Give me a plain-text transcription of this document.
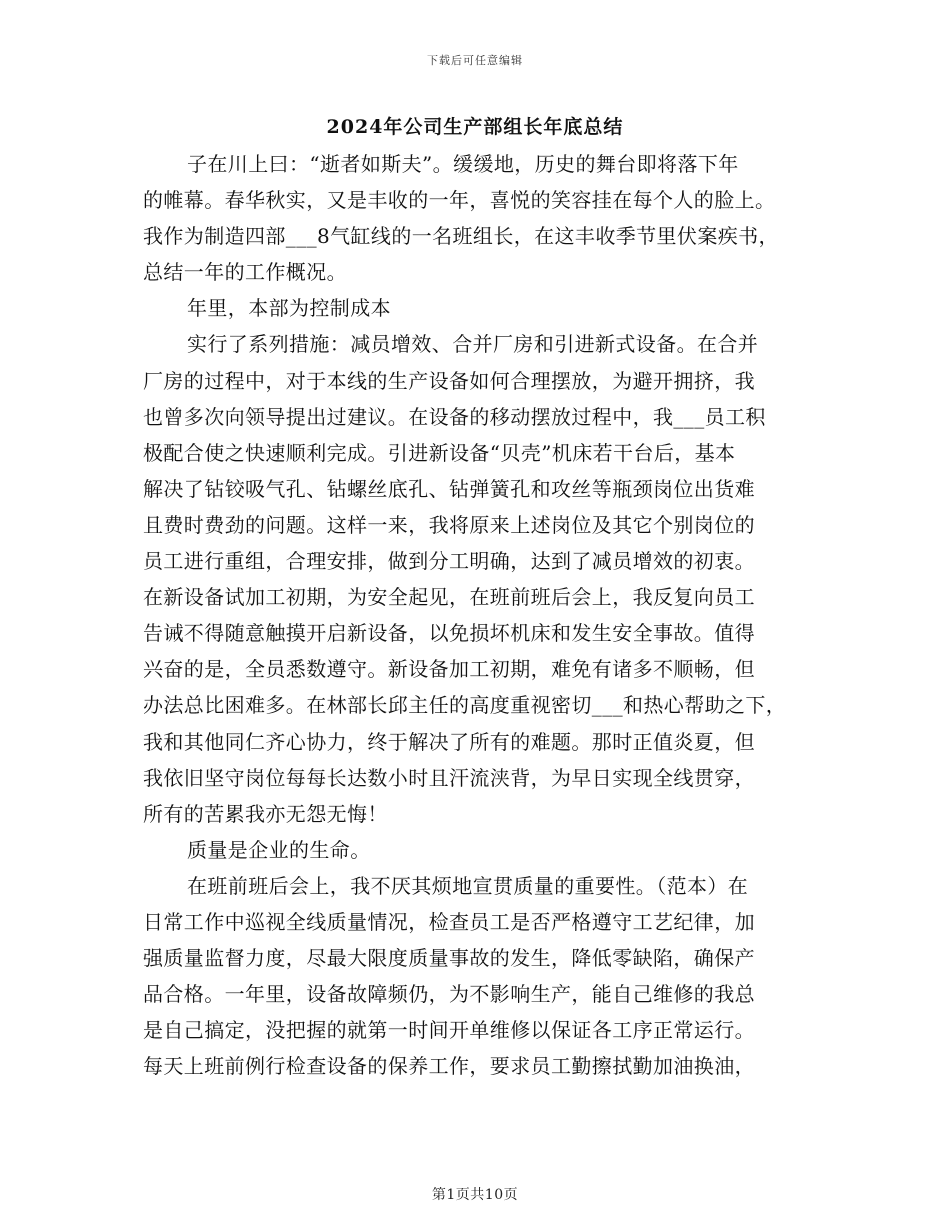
下载后可任意编辑
2024年公司生产部组长年底总结
子在川上曰：“逝者如斯夫”。缓缓地，历史的舞台即将落下年
的帷幕。春华秋实，又是丰收的一年，喜悦的笑容挂在每个人的脸上。
我作为制造四部___8气缸线的一名班组长，在这丰收季节里伏案疾书，
总结一年的工作概况。
年里，本部为控制成本
实行了系列措施：减员增效、合并厂房和引进新式设备。在合并
厂房的过程中，对于本线的生产设备如何合理摆放，为避开拥挤，我
也曾多次向领导提出过建议。在设备的移动摆放过程中，我___员工积
极配合使之快速顺利完成。引进新设备“贝壳”机床若干台后，基本
解决了钻铰吸气孔、钻螺丝底孔、钻弹簧孔和攻丝等瓶颈岗位出货难
且费时费劲的问题。这样一来，我将原来上述岗位及其它个别岗位的
员工进行重组，合理安排，做到分工明确，达到了减员增效的初衷。
在新设备试加工初期，为安全起见，在班前班后会上，我反复向员工
告诫不得随意触摸开启新设备，以免损坏机床和发生安全事故。值得
兴奋的是，全员悉数遵守。新设备加工初期，难免有诸多不顺畅，但
办法总比困难多。在林部长邱主任的高度重视密切___和热心帮助之下，
我和其他同仁齐心协力，终于解决了所有的难题。那时正值炎夏，但
我依旧坚守岗位每每长达数小时且汗流浃背，为早日实现全线贯穿，
所有的苦累我亦无怨无悔！
质量是企业的生命。
在班前班后会上，我不厌其烦地宣贯质量的重要性。（范本）在
日常工作中巡视全线质量情况，检查员工是否严格遵守工艺纪律，加
强质量监督力度，尽最大限度质量事故的发生，降低零缺陷，确保产
品合格。一年里，设备故障频仍，为不影响生产，能自己维修的我总
是自己搞定，没把握的就第一时间开单维修以保证各工序正常运行。
每天上班前例行检查设备的保养工作，要求员工勤擦拭勤加油换油，
第1页共10页
